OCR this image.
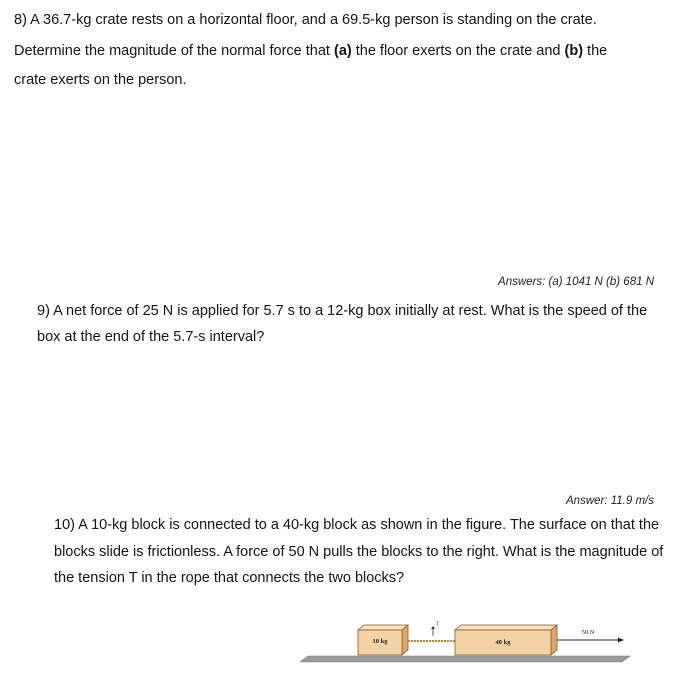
8) A 36.7-kg crate rests on a horizontal floor, and a 69.5-kg person is standing on the crate.
Determine the magnitude of the normal force that (a) the floor exerts on the crate and (b) the
crate exerts on the person.
Answers: (a) 1041 N (b) 681 N
9) A net force of 25 N is applied for 5.7 s to a 12-kg box initially at rest. What is the speed of the
box at the end of the 5.7-s interval?
Answer: 11.9 m/s
10) A 10-kg block is connected to a 40-kg block as shown in the figure. The surface on that the
blocks slide is frictionless. A force of 50 N pulls the blocks to the right. What is the magnitude of
the tension T in the rope that connects the two blocks?
10 kg
T
40 kg
50 N
